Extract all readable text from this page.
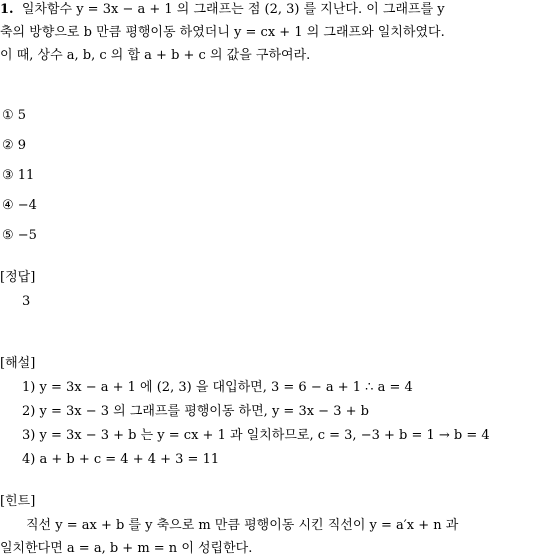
1. 일차함수 y = 3x − a + 1 의 그래프는 점 (2, 3) 를 지난다. 이 그래프를 y
축의 방향으로 b 만큼 평행이동 하였더니 y = cx + 1 의 그래프와 일치하였다.
이 때, 상수 a, b, c 의 합 a + b + c 의 값을 구하여라.
① 5
② 9
③ 11
④ −4
⑤ −5
[정답]
3
[해설]
1) y = 3x − a + 1 에 (2, 3) 을 대입하면, 3 = 6 − a + 1 ∴ a = 4
2) y = 3x − 3 의 그래프를 평행이동 하면, y = 3x − 3 + b
3) y = 3x − 3 + b 는 y = cx + 1 과 일치하므로, c = 3, −3 + b = 1 → b = 4
4) a + b + c = 4 + 4 + 3 = 11
[힌트]
직선 y = ax + b 를 y 축으로 m 만큼 평행이동 시킨 직선이 y = a′x + n 과
일치한다면 a = a, b + m = n 이 성립한다.
